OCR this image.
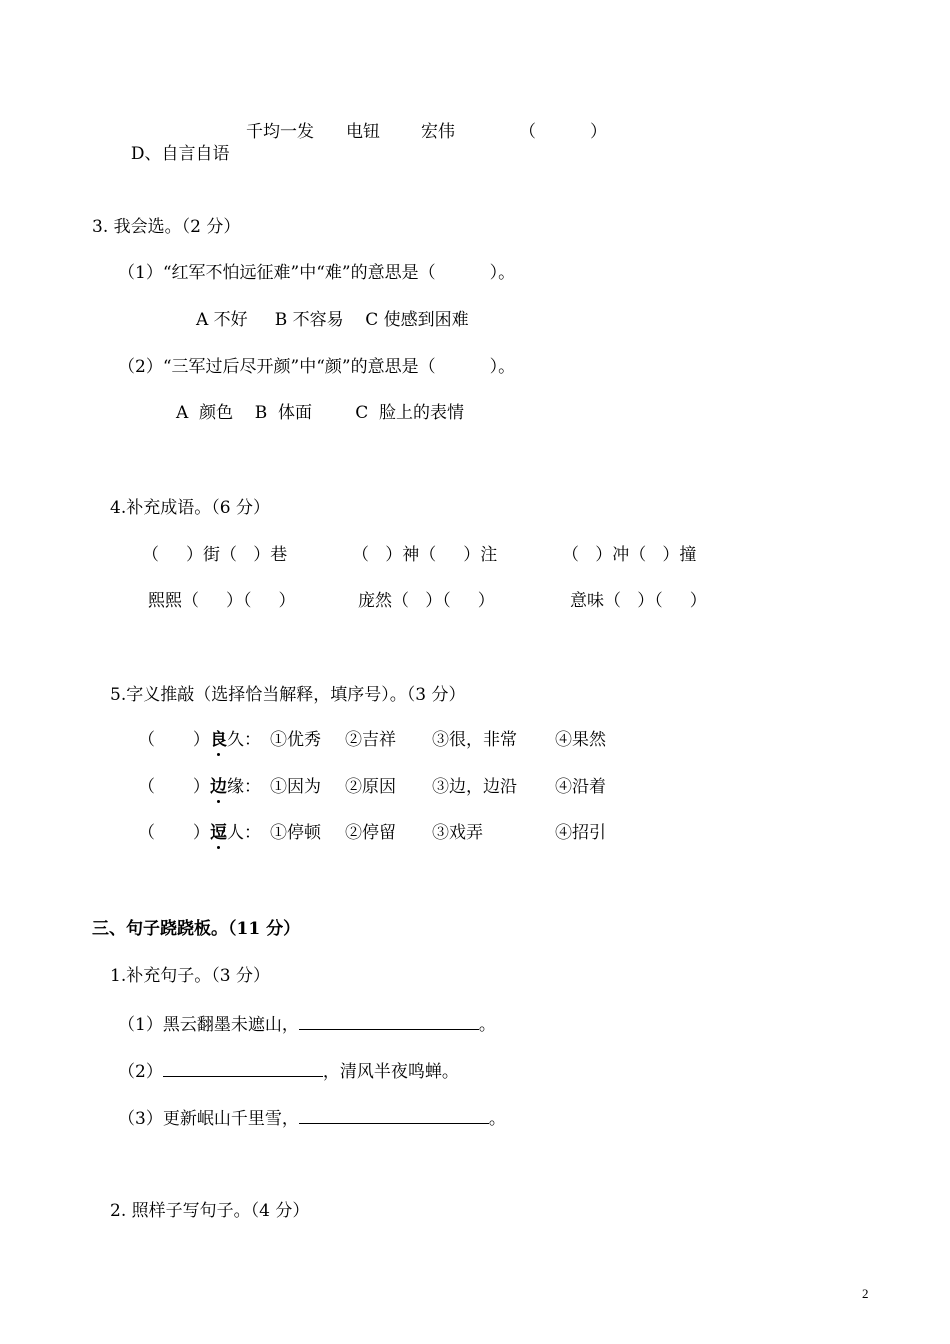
D、自言自语

千均一发 电钮 宏伟	（          ）
3. 我会选。（2 分）
（1）“红军不怕远征难”中“难”的意思是（          ）。
A 不好     B 不容易    C 使感到困难
（2）“三军过后尽开颜”中“颜”的意思是（          ）。
A  颜色    B  体面        C  脸上的表情
4.补充成语。（6 分）
（     ）街（   ）巷	（   ）神（     ）注	（   ）冲（   ）撞
熙熙（     ）（     ）	庞然（   ）（     ）	意味（   ）（     ）
5.字义推敲（选择恰当解释，填序号）。（3 分）
（       ） 良久： ①优秀 ②吉祥 ③很，非常 ④果然
（       ） 边缘： ①因为 ②原因 ③边，边沿 ④沿着
（       ） 逗人： ①停顿 ②停留 ③戏弄	④招引
三、句子跷跷板。（11 分）
1.补充句子。（3 分）
（1）黑云翻墨未遮山，	。
（2）	，清风半夜鸣蝉。
（3）更新岷山千里雪，	。
2. 照样子写句子。（4 分）
2
